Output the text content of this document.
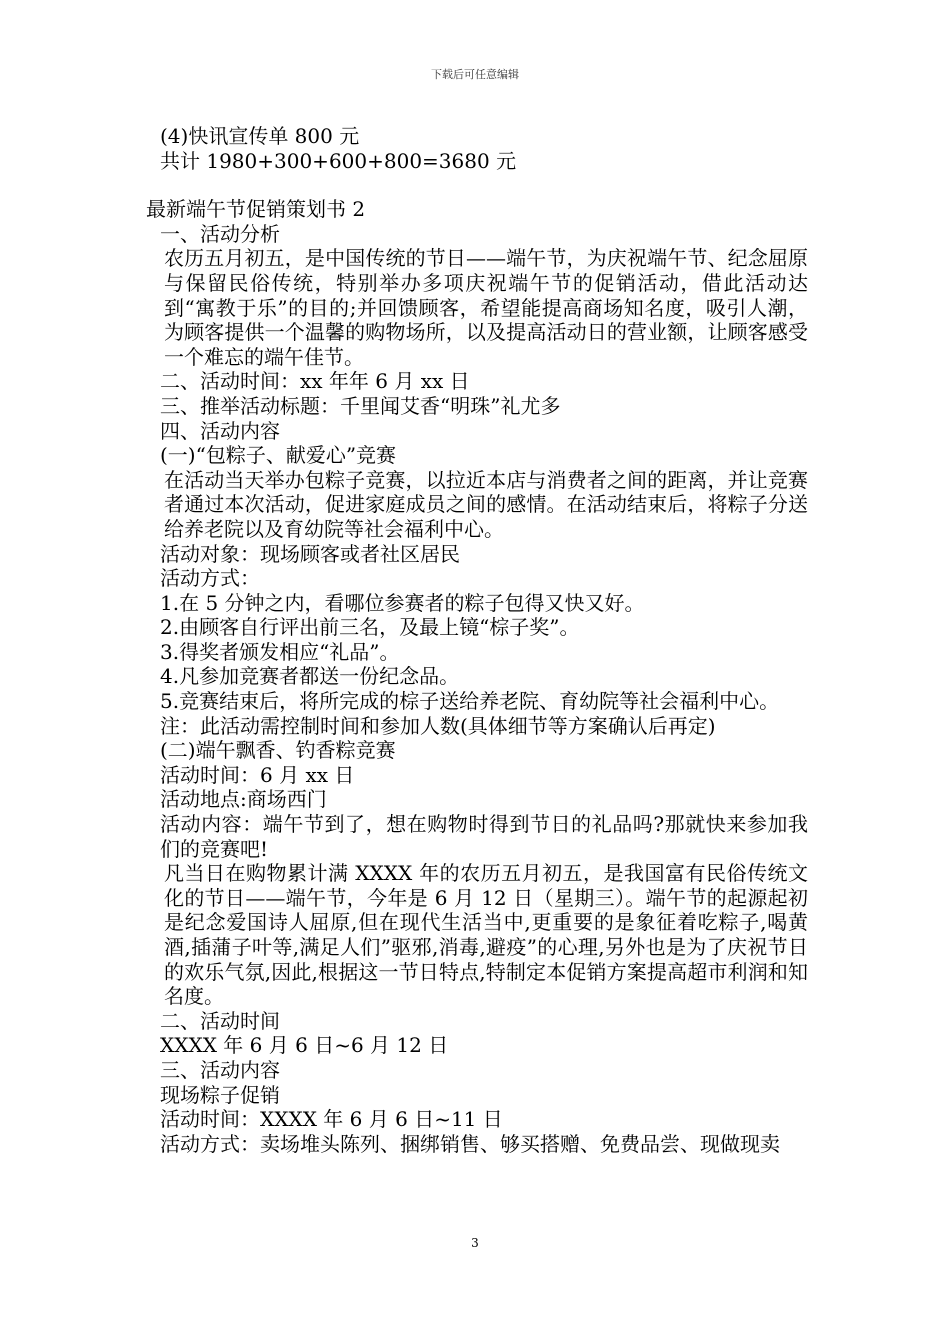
下载后可任意编辑

(4)快讯宣传单 800 元

共计 1980+300+600+800=3680 元

最新端午节促销策划书 2

一、活动分析

农历五月初五，是中国传统的节日——端午节，为庆祝端午节、纪念屈原与保留民俗传统，特别举办多项庆祝端午节的促销活动，借此活动达到“寓教于乐”的目的;并回馈顾客，希望能提高商场知名度，吸引人潮，为顾客提供一个温馨的购物场所，以及提高活动日的营业额，让顾客感受一个难忘的端午佳节。

二、活动时间：xx 年年 6 月 xx 日

三、推举活动标题：千里闻艾香“明珠”礼尤多

四、活动内容

(一)“包粽子、献爱心”竞赛

在活动当天举办包粽子竞赛，以拉近本店与消费者之间的距离，并让竞赛者通过本次活动，促进家庭成员之间的感情。在活动结束后，将粽子分送给养老院以及育幼院等社会福利中心。

活动对象：现场顾客或者社区居民

活动方式：

1.在 5 分钟之内，看哪位参赛者的粽子包得又快又好。

2.由顾客自行评出前三名，及最上镜“棕子奖”。

3.得奖者颁发相应“礼品”。

4.凡参加竞赛者都送一份纪念品。

5.竞赛结束后，将所完成的棕子送给养老院、育幼院等社会福利中心。

注：此活动需控制时间和参加人数(具体细节等方案确认后再定)

(二)端午飘香、钓香粽竞赛

活动时间：6 月 xx 日

活动地点:商场西门

活动内容：端午节到了，想在购物时得到节日的礼品吗?那就快来参加我们的竞赛吧!

凡当日在购物累计满 XXXX 年的农历五月初五，是我国富有民俗传统文化的节日——端午节，今年是 6 月 12 日（星期三）。端午节的起源起初是纪念爱国诗人屈原,但在现代生活当中,更重要的是象征着吃粽子,喝黄酒,插蒲子叶等,满足人们”驱邪,消毒,避疫”的心理,另外也是为了庆祝节日的欢乐气氛,因此,根据这一节日特点,特制定本促销方案提高超市利润和知名度。

二、活动时间

XXXX 年 6 月 6 日~6 月 12 日

三、活动内容

现场粽子促销

活动时间：XXXX 年 6 月 6 日~11 日

活动方式：卖场堆头陈列、捆绑销售、够买搭赠、免费品尝、现做现卖

3
